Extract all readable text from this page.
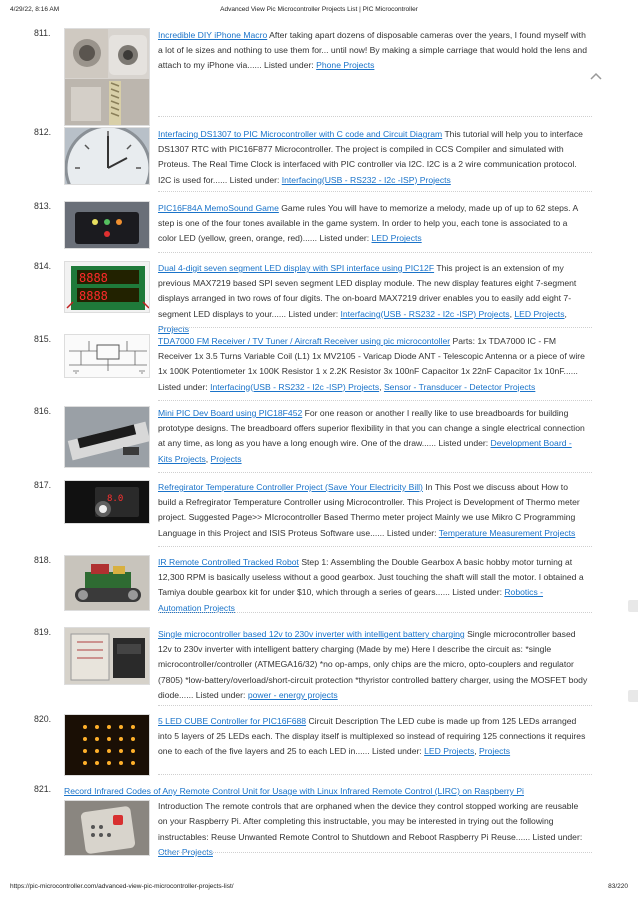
4/29/22, 8:16 AM	Advanced View Pic Microcontroller Projects List | PIC Microcontroller
811.	Incredible DIY iPhone Macro After taking apart dozens of disposable cameras over the years, I found myself with a lot of le sizes and nothing to use them for... until now! By making a simple carriage that would hold the lens and attach to my iPhone via...... Listed under: Phone Projects
812.	Interfacing DS1307 to PIC Microcontroller with C code and Circuit Diagram This tutorial will help you to interface DS1307 RTC with PIC16F877 Microcontroller. The project is compiled in CCS Compiler and simulated with Proteus. The Real Time Clock is interfaced with PIC controller via I2C. I2C is a 2 wire communication protocol. I2C is used for...... Listed under: Interfacing(USB - RS232 - I2c -ISP) Projects
813.	PIC16F84A MemoSound Game Game rules You will have to memorize a melody, made up of up to 62 steps. A step is one of the four tones available in the game system. In order to help you, each tone is associated to a color LED (yellow, green, orange, red)...... Listed under: LED Projects
814.
8888
8888
Dual 4-digit seven segment LED display with SPI interface using PIC12F This project is an extension of my previous MAX7219 based SPI seven segment LED display module. The new display features eight 7-segment displays arranged in two rows of four digits. The on-board MAX7219 driver enables you to easily add eight 7-segment LED displays to your...... Listed under: Interfacing(USB - RS232 - I2c -ISP) Projects, LED Projects, Projects
815.	TDA7000 FM Receiver / TV Tuner / Aircraft Receiver using pic microcontoller Parts: 1x TDA7000 IC - FM Receiver 1x 3.5 Turns Variable Coil (L1) 1x MV2105 - Varicap Diode ANT - Telescopic Antenna or a piece of wire 1x 100K Potentiometer 1x 100K Resistor 1 x 2.2K Resistor 3x 100nF Capacitor 1x 22nF Capacitor 1x 10nF...... Listed under: Interfacing(USB - RS232 - I2c -ISP) Projects, Sensor - Transducer - Detector Projects
816.	Mini PIC Dev Board using PIC18F452 For one reason or another I really like to use breadboards for building prototype designs. The breadboard offers superior flexibility in that you can change a single electrical connection at any time, as long as you have a long enough wire. One of the draw...... Listed under: Development Board - Kits Projects, Projects
817.
8.0
Refregirator Temperature Controller Project (Save Your Electricity Bill) In This Post we discuss about How to build a Refregirator Temperature Controller using Microcontroller. This Project is Development of Thermo meter project. Suggested Page>> MIcrocontroller Based Thermo meter project Mainly we use Mikro C Programming Language in this Project and ISIS Proteus Software use...... Listed under: Temperature Measurement Projects
818.	IR Remote Controlled Tracked Robot Step 1: Assembling the Double Gearbox A basic hobby motor turning at 12,300 RPM is basically useless without a good gearbox. Just touching the shaft will stall the motor. I obtained a Tamiya double gearbox kit for under $10, which through a series of gears...... Listed under: Robotics - Automation Projects
819.	Single microcontroller based 12v to 230v inverter with intelligent battery charging Single microcontroller based 12v to 230v inverter with intelligent battery charging (Made by me) Here I describe the circuit as: *single microcontroller/controller (ATMEGA16/32) *no op-amps, only chips are the micro, opto-couplers and regulator (7805) *low-battery/overload/short-circuit protection *thyristor controlled battery charger, using the MOSFET body diode...... Listed under: power - energy projects
820.	5 LED CUBE Controller for PIC16F688 Circuit Description The LED cube is made up from 125 LEDs arranged into 5 layers of 25 LEDs each. The display itself is multiplexed so instead of requiring 125 connections it requires one to each of the five layers and 25 to each LED in...... Listed under: LED Projects, Projects
821. Record Infrared Codes of Any Remote Control Unit for Usage with Linux Infrared Remote Control (LIRC) on Raspberry Pi
Introduction The remote controls that are orphaned when the device they control stopped working are reusable on your Raspberry Pi. After completing this instructable, you may be interested in trying out the following instructables: Reuse Unwanted Remote Control to Shutdown and Reboot Raspberry Pi Reuse...... Listed under: Other Projects
https://pic-microcontroller.com/advanced-view-pic-microcontroller-projects-list/	83/220
